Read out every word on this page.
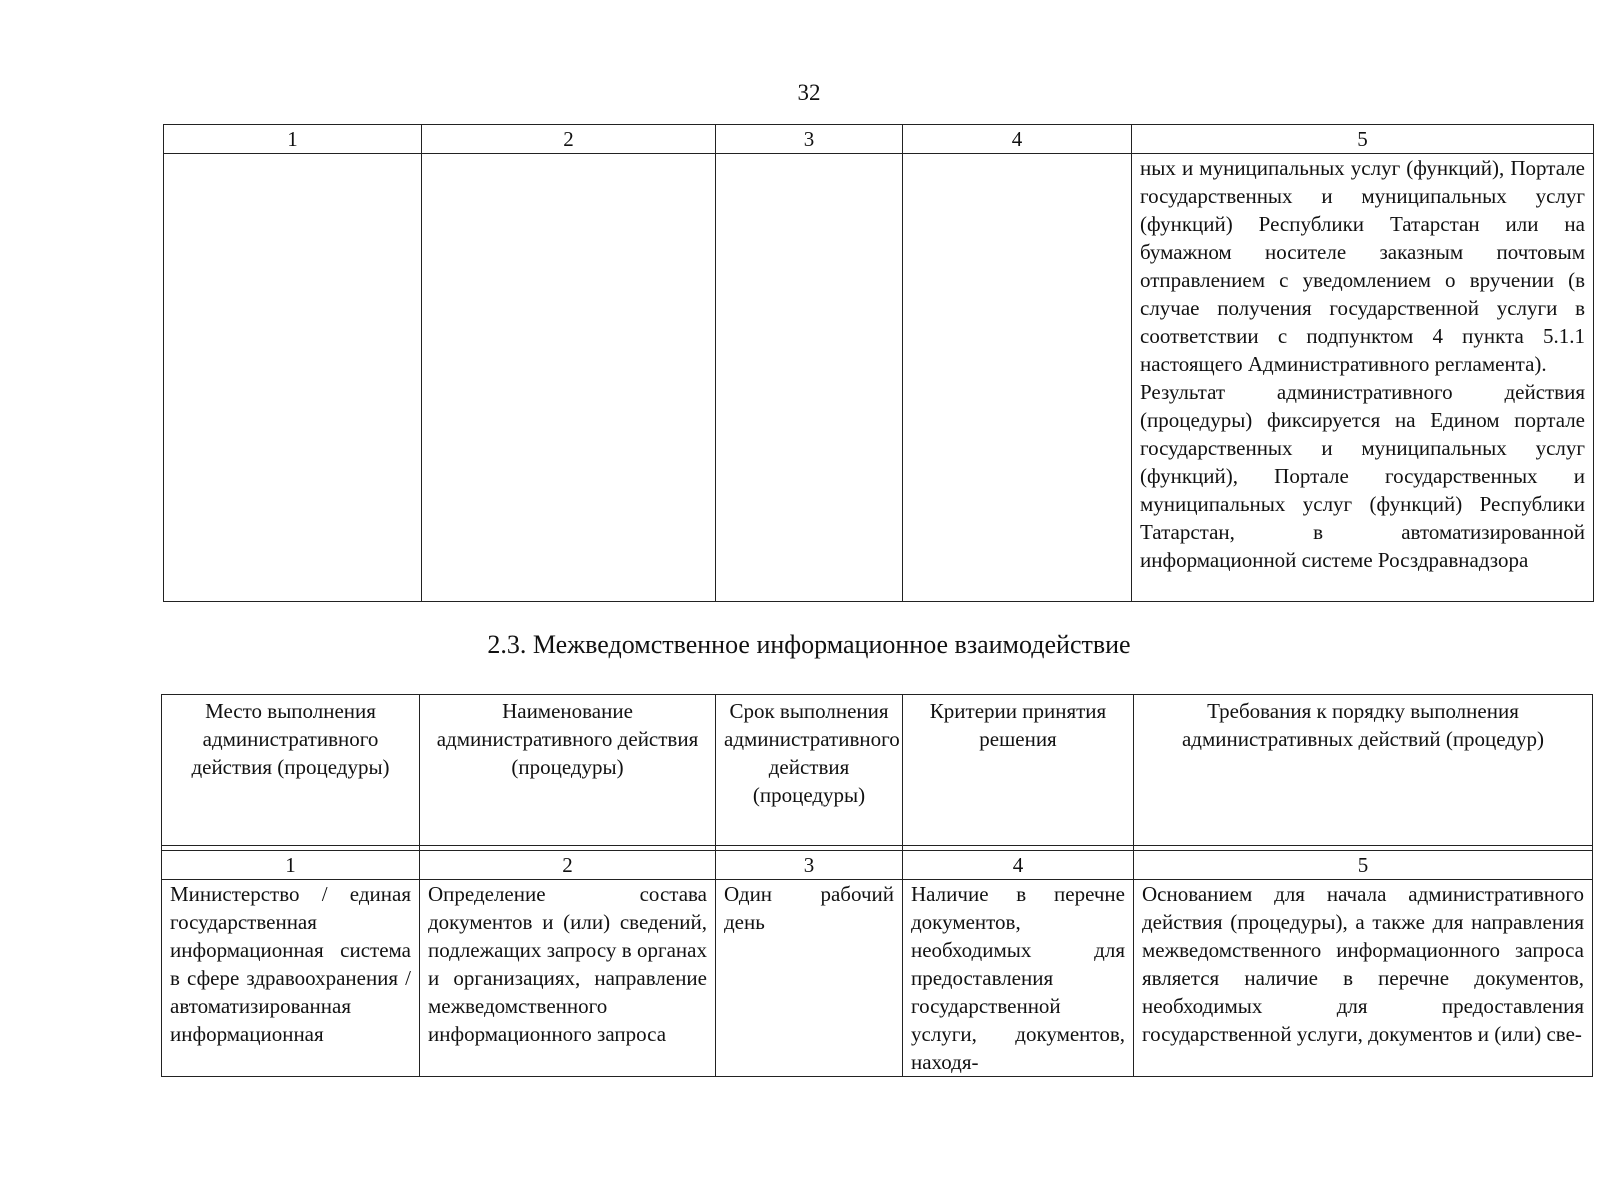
32
1	2	3	4	5

				ных и муниципальных услуг (функций), Портале государственных и муниципальных услуг (функций) Республики Татарстан или на бумажном носителе заказным почтовым отправлением с уведомлением о вручении (в случае получения государственной услуги в соответствии с подпунктом 4 пункта 5.1.1 настоящего Административного регламента).
Результат административного действия (процедуры) фиксируется на Едином портале государственных и муниципальных услуг (функций), Портале государственных и муниципальных услуг (функций) Республики Татарстан, в автоматизированной информационной системе Росздравнадзора
2.3. Межведомственное информационное взаимодействие
Место выполнения административного действия (процедуры)	Наименование административного действия (процедуры)	Срок выполнения административного действия (процедуры)	Критерии принятия решения	Требования к порядку выполнения административных действий (процедур)

1	2	3	4	5
Министерство / единая государственная информационная система в сфере здравоохранения / автоматизированная информационная	Определение состава документов и (или) сведений, подлежащих запросу в органах и организациях, направление межведомственного информационного запроса	Один рабочий день	Наличие в перечне документов, необходимых для предоставления государственной услуги, документов, находя-	Основанием для начала административного действия (процедуры), а также для направления межведомственного информационного запроса является наличие в перечне документов, необходимых для предоставления государственной услуги, документов и (или) све-
